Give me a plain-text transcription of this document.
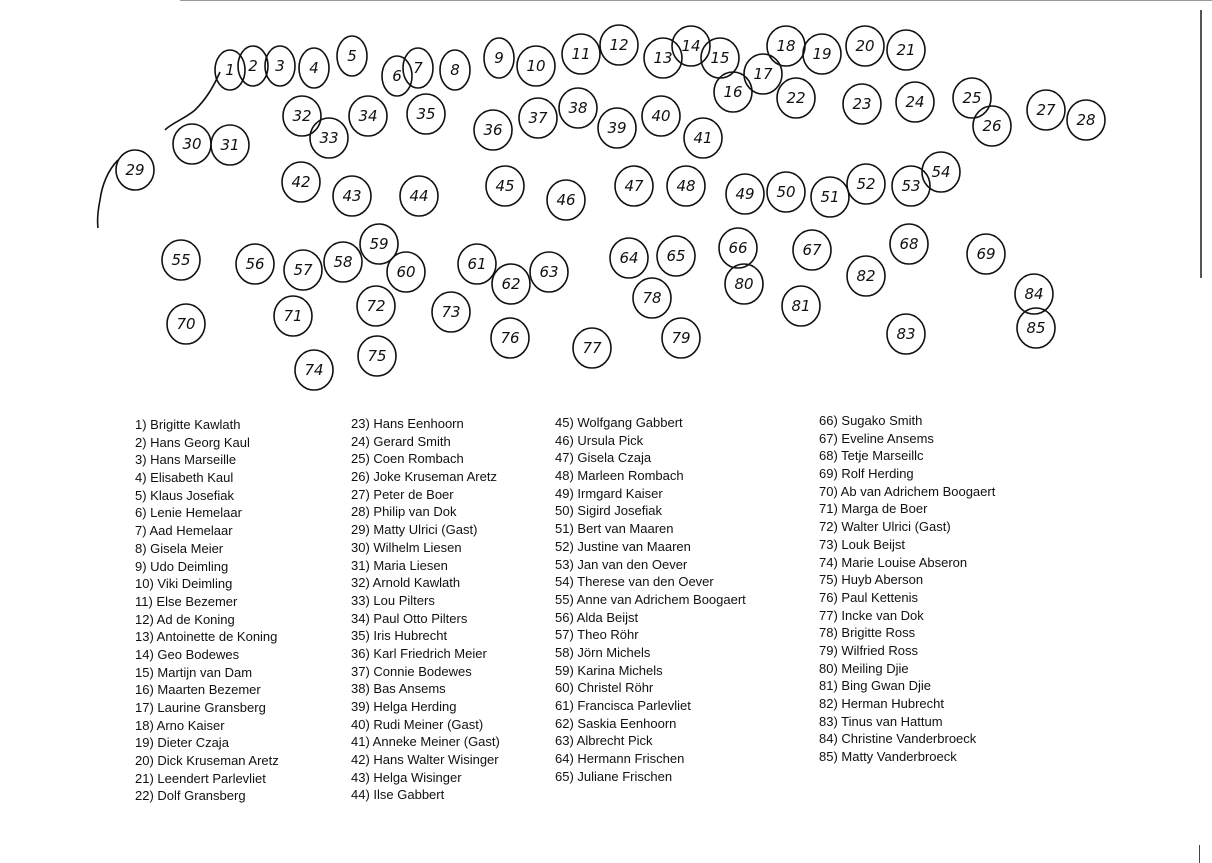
1 2 3 4
5
6 7 8
9 10
11 12
13
14
15
16
17
18 19 20 21
22	23 24	25
26
27
28
29
30 31
32
33
34	35
36
37
38
39
40
41
42
43	44
45
46
47 48	49 50 51
52 53
54
55	56 57 58
59
60	61
62
63
64 65	66	67	68
69
70	71
72	73
74
75
76
77
78
79
80
81
82
83
84
85
1) Brigitte Kawlath
2) Hans Georg Kaul
3) Hans Marseille
4) Elisabeth Kaul
5) Klaus Josefiak
6) Lenie Hemelaar
7) Aad Hemelaar
8) Gisela Meier
9) Udo Deimling
10) Viki Deimling
11) Else Bezemer
12) Ad de Koning
13) Antoinette de Koning
14) Geo Bodewes
15) Martijn van Dam
16) Maarten Bezemer
17) Laurine Gransberg
18) Arno Kaiser
19) Dieter Czaja
20) Dick Kruseman Aretz
21) Leendert Parlevliet
22) Dolf Gransberg
23) Hans Eenhoorn
24) Gerard Smith
25) Coen Rombach
26) Joke Kruseman Aretz
27) Peter de Boer
28) Philip van Dok
29) Matty Ulrici (Gast)
30) Wilhelm Liesen
31) Maria Liesen
32) Arnold Kawlath
33) Lou Pilters
34) Paul Otto Pilters
35) Iris Hubrecht
36) Karl Friedrich Meier
37) Connie Bodewes
38) Bas Ansems
39) Helga Herding
40) Rudi Meiner (Gast)
41) Anneke Meiner (Gast)
42) Hans Walter Wisinger
43) Helga Wisinger
44) Ilse Gabbert
45) Wolfgang Gabbert
46) Ursula Pick
47) Gisela Czaja
48) Marleen Rombach
49) Irmgard Kaiser
50) Sigird Josefiak
51) Bert van Maaren
52) Justine van Maaren
53) Jan van den Oever
54) Therese van den Oever
55) Anne van Adrichem Boogaert
56) Alda Beijst
57) Theo Röhr
58) Jörn Michels
59) Karina Michels
60) Christel Röhr
61) Francisca Parlevliet
62) Saskia Eenhoorn
63) Albrecht Pick
64) Hermann Frischen
65) Juliane Frischen
66) Sugako Smith
67) Eveline Ansems
68) Tetje Marseillc
69) Rolf Herding
70) Ab van Adrichem Boogaert
71) Marga de Boer
72) Walter Ulrici (Gast)
73) Louk Beijst
74) Marie Louise Abseron
75) Huyb Aberson
76) Paul Kettenis
77) Incke van Dok
78) Brigitte Ross
79) Wilfried Ross
80) Meiling Djie
81) Bing Gwan Djie
82) Herman Hubrecht
83) Tinus van Hattum
84) Christine Vanderbroeck
85) Matty Vanderbroeck
